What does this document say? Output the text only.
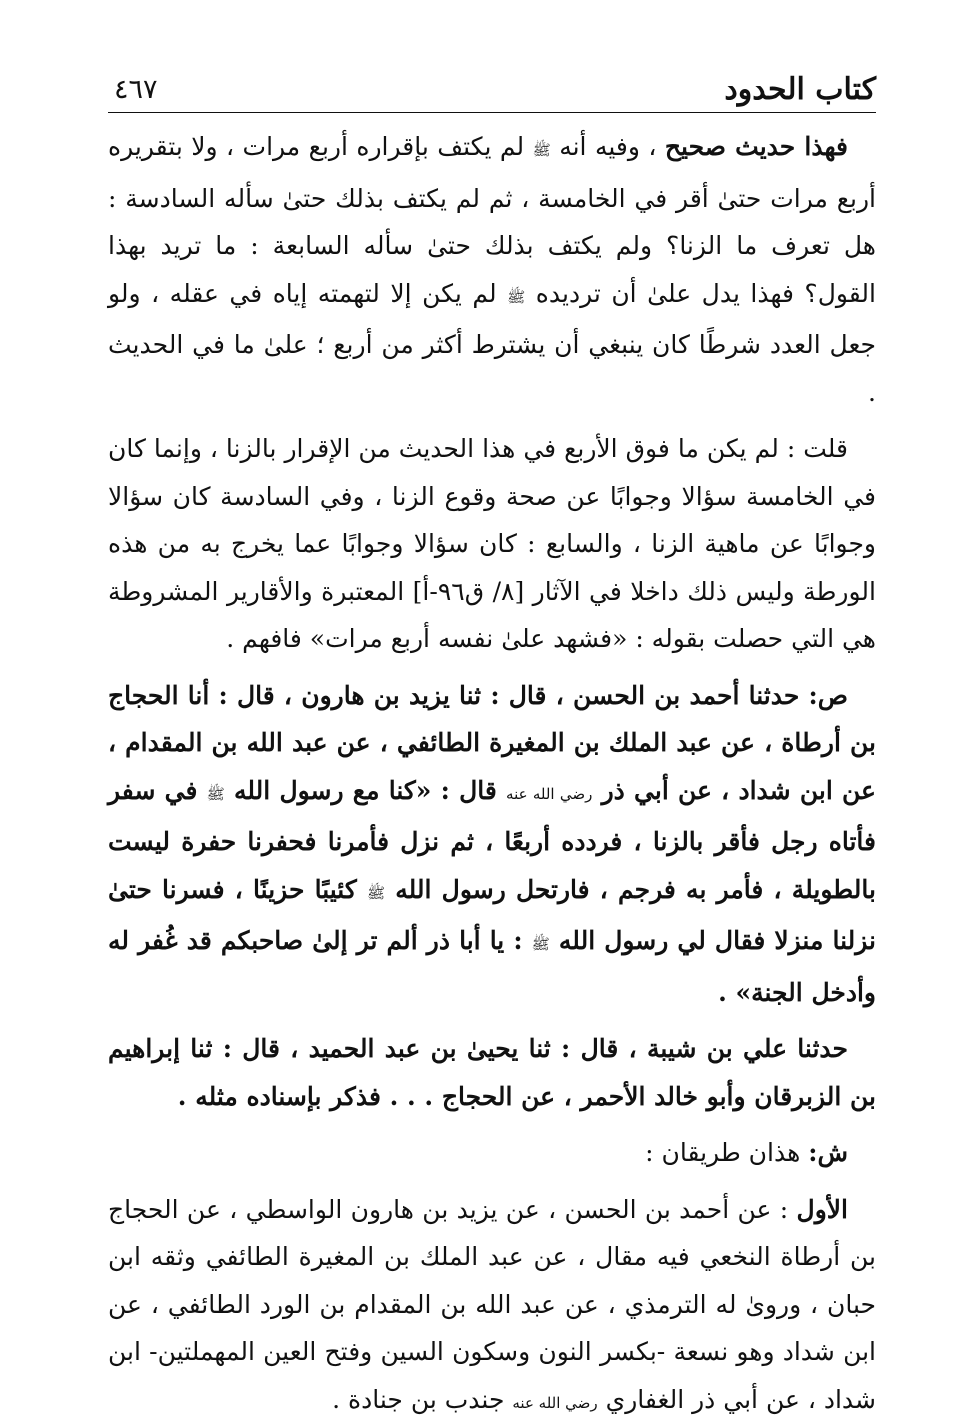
كتاب الحدود
٤٦٧

فهذا حديث صحيح ، وفيه أنه ﷺ لم يكتف بإقراره أربع مرات ، ولا بتقريره أربع مرات حتىٰ أقر في الخامسة ، ثم لم يكتف بذلك حتىٰ سأله السادسة : هل تعرف ما الزنا؟ ولم يكتف بذلك حتىٰ سأله السابعة : ما تريد بهذا القول؟ فهذا يدل علىٰ أن ترديده ﷺ لم يكن إلا لتهمته إياه في عقله ، ولو جعل العدد شرطًا كان ينبغي أن يشترط أكثر من أربع ؛ علىٰ ما في الحديث .

قلت : لم يكن ما فوق الأربع في هذا الحديث من الإقرار بالزنا ، وإنما كان في الخامسة سؤالا وجوابًا عن صحة وقوع الزنا ، وفي السادسة كان سؤالا وجوابًا عن ماهية الزنا ، والسابع : كان سؤالا وجوابًا عما يخرج به من هذه الورطة وليس ذلك داخلا في الآثار [٨/ ق٩٦-أ] المعتبرة والأقارير المشروطة هي التي حصلت بقوله : «فشهد علىٰ نفسه أربع مرات» فافهم .

ص: حدثنا أحمد بن الحسن ، قال : ثنا يزيد بن هارون ، قال : أنا الحجاج بن أرطاة ، عن عبد الملك بن المغيرة الطائفي ، عن عبد الله بن المقدام ، عن ابن شداد ، عن أبي ذر رضي الله عنه قال : «كنا مع رسول الله ﷺ في سفر فأتاه رجل فأقر بالزنا ، فردده أربعًا ، ثم نزل فأمرنا فحفرنا حفرة ليست بالطويلة ، فأمر به فرجم ، فارتحل رسول الله ﷺ كئيبًا حزينًا ، فسرنا حتىٰ نزلنا منزلا فقال لي رسول الله ﷺ : يا أبا ذر ألم تر إلىٰ صاحبكم قد غُفر له وأدخل الجنة» .

حدثنا علي بن شيبة ، قال : ثنا يحيىٰ بن عبد الحميد ، قال : ثنا إبراهيم بن الزبرقان وأبو خالد الأحمر ، عن الحجاج . . . فذكر بإسناده مثله .

ش: هذان طريقان :

الأول : عن أحمد بن الحسن ، عن يزيد بن هارون الواسطي ، عن الحجاج بن أرطاة النخعي فيه مقال ، عن عبد الملك بن المغيرة الطائفي وثقه ابن حبان ، وروىٰ له الترمذي ، عن عبد الله بن المقدام بن الورد الطائفي ، عن ابن شداد وهو نسعة -بكسر النون وسكون السين وفتح العين المهملتين- ابن شداد ، عن أبي ذر الغفاري رضي الله عنه جندب بن جنادة .
